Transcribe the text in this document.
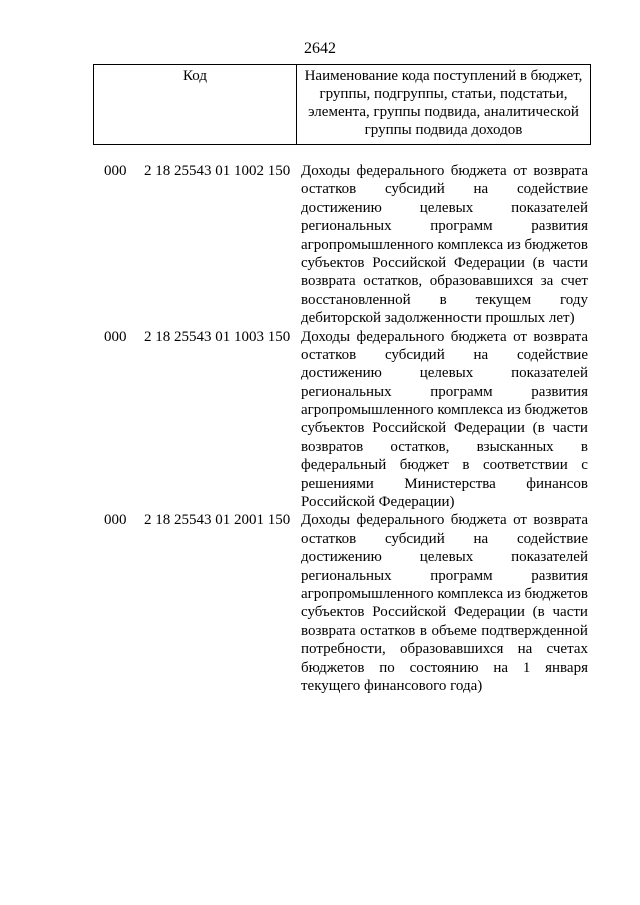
2642
Код	Наименование кода поступлений в бюджет,
группы, подгруппы, статьи, подстатьи,
элемента, группы подвида, аналитической
группы подвида доходов
000 2 18 25543 01 1002 150 Доходы федерального бюджета от возврата
остатков субсидий на содействие
достижению	целевых	показателей
региональных	программ	развития
агропромышленного комплекса из бюджетов
субъектов Российской Федерации (в части
возврата остатков, образовавшихся за счет
восстановленной в текущем году
дебиторской задолженности прошлых лет)
000 2 18 25543 01 1003 150 Доходы федерального бюджета от возврата
остатков субсидий на содействие
достижению	целевых	показателей
региональных	программ	развития
агропромышленного комплекса из бюджетов
субъектов Российской Федерации (в части
возвратов остатков, взысканных в
федеральный бюджет в соответствии с
решениями Министерства финансов
Российской Федерации)
000 2 18 25543 01 2001 150 Доходы федерального бюджета от возврата
остатков субсидий на содействие
достижению	целевых	показателей
региональных	программ	развития
агропромышленного комплекса из бюджетов
субъектов Российской Федерации (в части
возврата остатков в объеме подтвержденной
потребности, образовавшихся на счетах
бюджетов по состоянию на 1 января
текущего финансового года)
